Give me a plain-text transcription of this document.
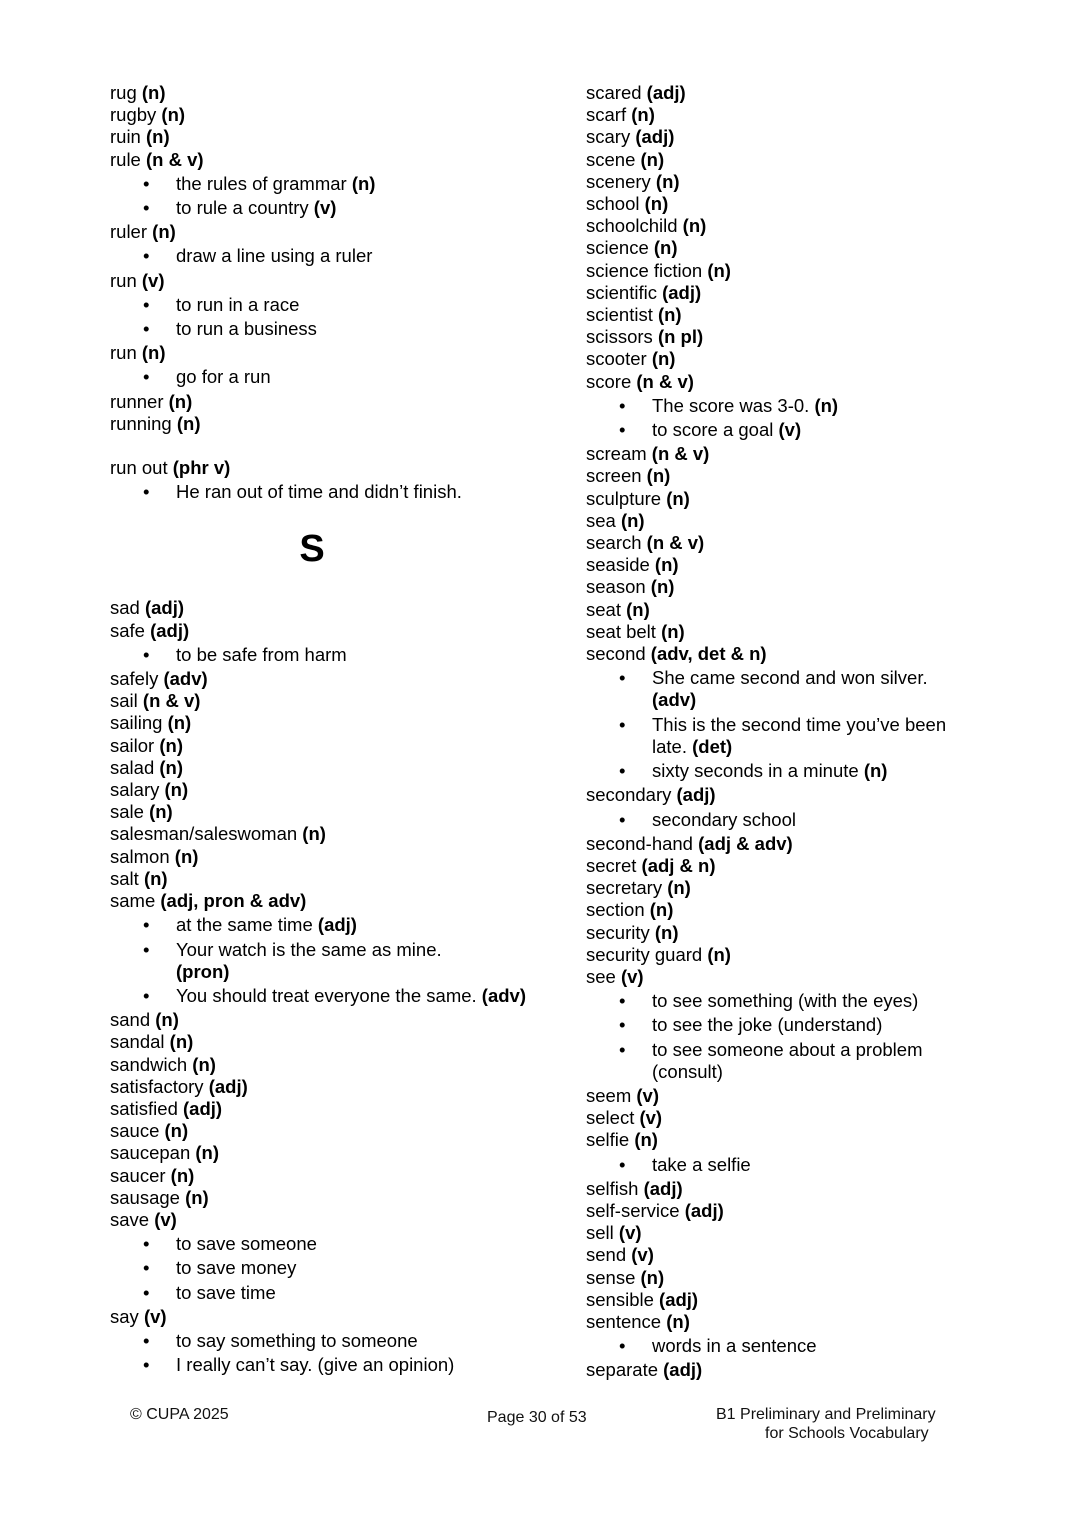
rug (n)
rugby (n)
ruin (n)
rule (n & v)
• the rules of grammar (n)
• to rule a country (v)
ruler (n)
• draw a line using a ruler
run (v)
• to run in a race
• to run a business
run (n)
• go for a run
runner (n)
running (n)
run out (phr v)
• He ran out of time and didn’t finish.
S
sad (adj)
safe (adj)
• to be safe from harm
safely (adv)
sail (n & v)
sailing (n)
sailor (n)
salad (n)
salary (n)
sale (n)
salesman/saleswoman (n)
salmon (n)
salt (n)
same (adj, pron & adv)
• at the same time (adj)
• Your watch is the same as mine.
(pron)
• You should treat everyone the same. (adv)
sand (n)
sandal (n)
sandwich (n)
satisfactory (adj)
satisfied (adj)
sauce (n)
saucepan (n)
saucer (n)
sausage (n)
save (v)
• to save someone
• to save money
• to save time
say (v)
• to say something to someone
• I really can’t say. (give an opinion)
scared (adj)
scarf (n)
scary (adj)
scene (n)
scenery (n)
school (n)
schoolchild (n)
science (n)
science fiction (n)
scientific (adj)
scientist (n)
scissors (n pl)
scooter (n)
score (n & v)
• The score was 3-0. (n)
• to score a goal (v)
scream (n & v)
screen (n)
sculpture (n)
sea (n)
search (n & v)
seaside (n)
season (n)
seat (n)
seat belt (n)
second (adv, det & n)
• She came second and won silver.
(adv)
• This is the second time you’ve been late. (det)
• sixty seconds in a minute (n)
secondary (adj)
• secondary school
second-hand (adj & adv)
secret (adj & n)
secretary (n)
section (n)
security (n)
security guard (n)
see (v)
• to see something (with the eyes)
• to see the joke (understand)
• to see someone about a problem (consult)
seem (v)
select (v)
selfie (n)
• take a selfie
selfish (adj)
self-service (adj)
sell (v)
send (v)
sense (n)
sensible (adj)
sentence (n)
• words in a sentence
separate (adj)
© CUPA 2025	Page 30 of 53	B1 Preliminary and Preliminary
for Schools Vocabulary
